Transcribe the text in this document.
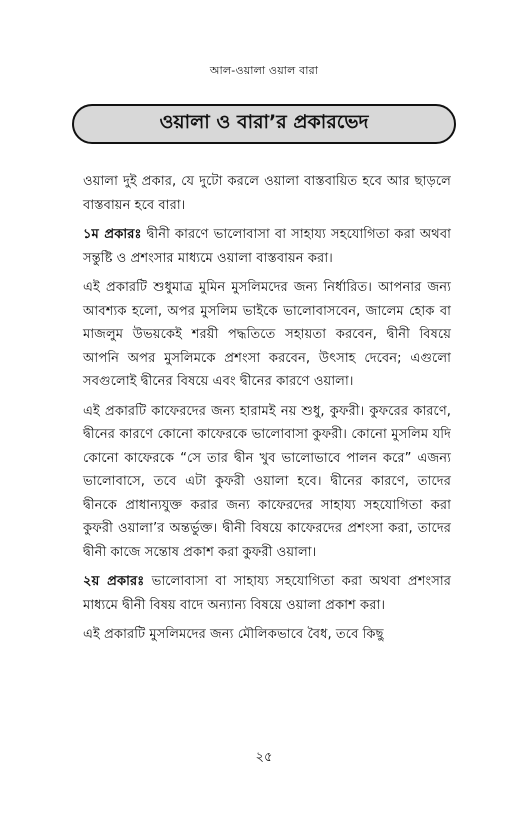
আল-ওয়ালা ওয়াল বারা
ওয়ালা ও বারা’র প্রকারভেদ

ওয়ালা দুই প্রকার, যে দুটো করলে ওয়ালা বাস্তবায়িত হবে আর ছাড়লে বাস্তবায়ন হবে বারা।

১ম প্রকারঃ দ্বীনী কারণে ভালোবাসা বা সাহায্য সহযোগিতা করা অথবা সন্তুষ্টি ও প্রশংসার মাধ্যমে ওয়ালা বাস্তবায়ন করা।

এই প্রকারটি শুধুমাত্র মুমিন মুসলিমদের জন্য নির্ধারিত। আপনার জন্য আবশ্যক হলো, অপর মুসলিম ভাইকে ভালোবাসবেন, জালেম হোক বা মাজলুম উভয়কেই শরয়ী পদ্ধতিতে সহায়তা করবেন, দ্বীনী বিষয়ে আপনি অপর মুসলিমকে প্রশংসা করবেন, উৎসাহ দেবেন; এগুলো সবগুলোই দ্বীনের বিষয়ে এবং দ্বীনের কারণে ওয়ালা।

এই প্রকারটি কাফেরদের জন্য হারামই নয় শুধু, কুফরী। কুফরের কারণে, দ্বীনের কারণে কোনো কাফেরকে ভালোবাসা কুফরী। কোনো মুসলিম যদি কোনো কাফেরকে “সে তার দ্বীন খুব ভালোভাবে পালন করে” এজন্য ভালোবাসে, তবে এটা কুফরী ওয়ালা হবে। দ্বীনের কারণে, তাদের দ্বীনকে প্রাধান্যযুক্ত করার জন্য কাফেরদের সাহায্য সহযোগিতা করা কুফরী ওয়ালা’র অন্তর্ভুক্ত। দ্বীনী বিষয়ে কাফেরদের প্রশংসা করা, তাদের দ্বীনী কাজে সন্তোষ প্রকাশ করা কুফরী ওয়ালা।

২য় প্রকারঃ ভালোবাসা বা সাহায্য সহযোগিতা করা অথবা প্রশংসার মাধ্যমে দ্বীনী বিষয় বাদে অন্যান্য বিষয়ে ওয়ালা প্রকাশ করা।

এই প্রকারটি মুসলিমদের জন্য মৌলিকভাবে বৈধ, তবে কিছু

২৫
